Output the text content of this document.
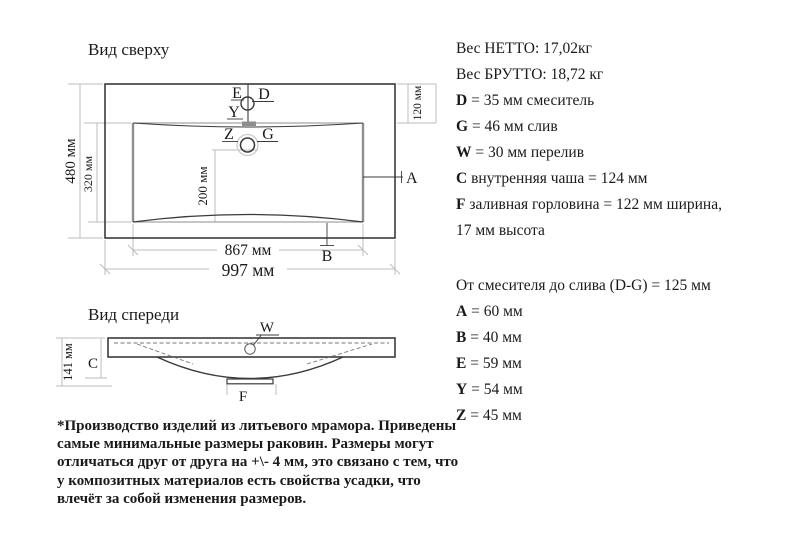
Вид сверху
Вид спереди
E D
Y
Z G
A
B
480 мм 320 мм
120 мм
200 мм
867 мм
997 мм
W
C
F
141 мм
Вес НЕТТО: 17,02кг
Вес БРУТТО: 18,72 кг
D = 35 мм смеситель
G = 46 мм слив
W = 30 мм перелив
C внутренняя чаша = 124 мм
F заливная горловина = 122 мм ширина,
17 мм высота
От смесителя до слива (D-G) = 125 мм
A = 60 мм
B = 40 мм
E = 59 мм
Y = 54 мм
Z = 45 мм
*Производство изделий из литьевого мрамора. Приведены
самые минимальные размеры раковин. Размеры могут
отличаться друг от друга на +\- 4 мм, это связано с тем, что
у композитных материалов есть свойства усадки, что
влечёт за собой изменения размеров.
